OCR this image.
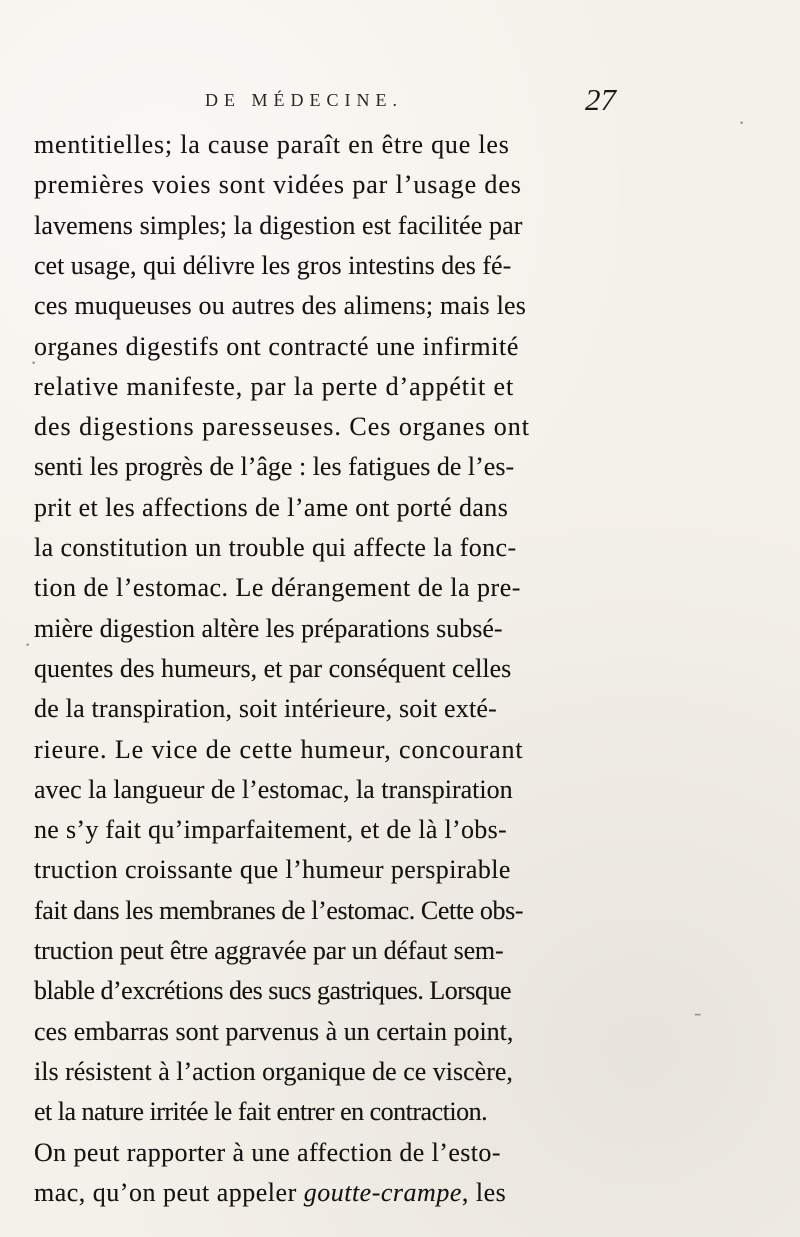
DE MÉDECINE.	27
mentitielles; la cause paraît en être que les
premières voies sont vidées par l’usage des
lavemens simples; la digestion est facilitée par
cet usage, qui délivre les gros intestins des fé-
ces muqueuses ou autres des alimens; mais les
organes digestifs ont contracté une infirmité
relative manifeste, par la perte d’appétit et
des digestions paresseuses. Ces organes ont
senti les progrès de l’âge : les fatigues de l’es-
prit et les affections de l’ame ont porté dans
la constitution un trouble qui affecte la fonc-
tion de l’estomac. Le dérangement de la pre-
mière digestion altère les préparations subsé-
quentes des humeurs, et par conséquent celles
de la transpiration, soit intérieure, soit exté-
rieure. Le vice de cette humeur, concourant
avec la langueur de l’estomac, la transpiration
ne s’y fait qu’imparfaitement, et de là l’obs-
truction croissante que l’humeur perspirable
fait dans les membranes de l’estomac. Cette obs-
truction peut être aggravée par un défaut sem-
blable d’excrétions des sucs gastriques. Lorsque
ces embarras sont parvenus à un certain point,
ils résistent à l’action organique de ce viscère,
et la nature irritée le fait entrer en contraction.
On peut rapporter à une affection de l’esto-
mac, qu’on peut appeler goutte-crampe, les
·
·
·
-
